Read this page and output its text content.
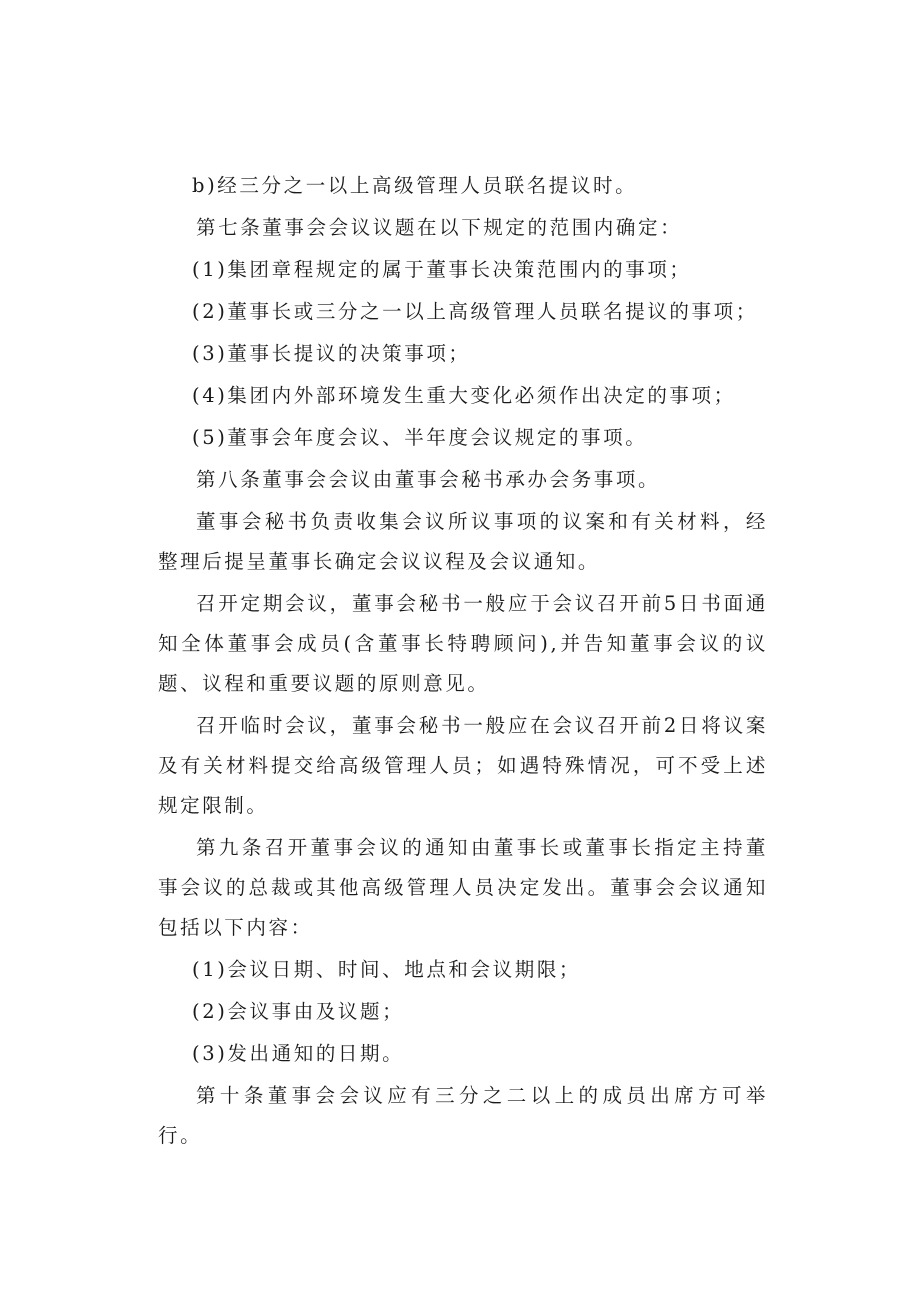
b)经三分之一以上高级管理人员联名提议时。

第七条董事会会议议题在以下规定的范围内确定：

(1)集团章程规定的属于董事长决策范围内的事项；

(2)董事长或三分之一以上高级管理人员联名提议的事项；

(3)董事长提议的决策事项；

(4)集团内外部环境发生重大变化必须作出决定的事项；

(5)董事会年度会议、半年度会议规定的事项。

第八条董事会会议由董事会秘书承办会务事项。

董事会秘书负责收集会议所议事项的议案和有关材料，经整理后提呈董事长确定会议议程及会议通知。

召开定期会议，董事会秘书一般应于会议召开前5日书面通知全体董事会成员(含董事长特聘顾问),并告知董事会议的议题、议程和重要议题的原则意见。

召开临时会议，董事会秘书一般应在会议召开前2日将议案及有关材料提交给高级管理人员；如遇特殊情况，可不受上述规定限制。

第九条召开董事会议的通知由董事长或董事长指定主持董事会议的总裁或其他高级管理人员决定发出。董事会会议通知包括以下内容：

(1)会议日期、时间、地点和会议期限；

(2)会议事由及议题；

(3)发出通知的日期。

第十条董事会会议应有三分之二以上的成员出席方可举行。
